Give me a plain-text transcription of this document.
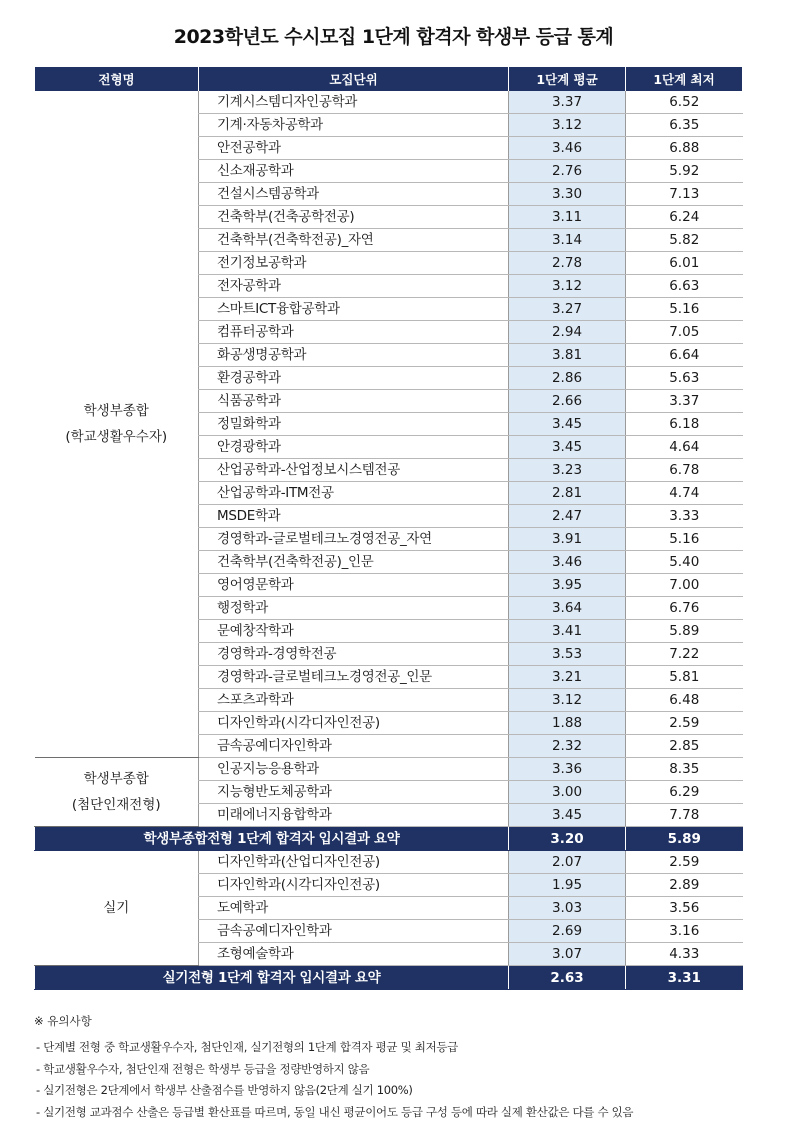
2023학년도 수시모집 1단계 합격자 학생부 등급 통계
전형명	모집단위	1단계 평균	1단계 최저

학생부종합
(학교생활우수자)	기계시스템디자인공학과	3.37	6.52
	기계·자동차공학과	3.12	6.35
	안전공학과	3.46	6.88
	신소재공학과	2.76	5.92
	건설시스템공학과	3.30	7.13
	건축학부(건축공학전공)	3.11	6.24
	건축학부(건축학전공)_자연	3.14	5.82
	전기정보공학과	2.78	6.01
	전자공학과	3.12	6.63
	스마트ICT융합공학과	3.27	5.16
	컴퓨터공학과	2.94	7.05
	화공생명공학과	3.81	6.64
	환경공학과	2.86	5.63
	식품공학과	2.66	3.37
	정밀화학과	3.45	6.18
	안경광학과	3.45	4.64
	산업공학과-산업정보시스템전공	3.23	6.78
	산업공학과-ITM전공	2.81	4.74
	MSDE학과	2.47	3.33
	경영학과-글로벌테크노경영전공_자연	3.91	5.16
	건축학부(건축학전공)_인문	3.46	5.40
	영어영문학과	3.95	7.00
	행정학과	3.64	6.76
	문예창작학과	3.41	5.89
	경영학과-경영학전공	3.53	7.22
	경영학과-글로벌테크노경영전공_인문	3.21	5.81
	스포츠과학과	3.12	6.48
	디자인학과(시각디자인전공)	1.88	2.59
	금속공예디자인학과	2.32	2.85

학생부종합
(첨단인재전형)	인공지능응용학과	3.36	8.35
	지능형반도체공학과	3.00	6.29
	미래에너지융합학과	3.45	7.78
학생부종합전형 1단계 합격자 입시결과 요약		3.20	5.89

실기	디자인학과(산업디자인전공)	2.07	2.59
	디자인학과(시각디자인전공)	1.95	2.89
	도예학과	3.03	3.56
	금속공예디자인학과	2.69	3.16
	조형예술학과	3.07	4.33
실기전형 1단계 합격자 입시결과 요약		2.63	3.31
※ 유의사항
- 단계별 전형 중 학교생활우수자, 첨단인재, 실기전형의 1단계 합격자 평균 및 최저등급
- 학교생활우수자, 첨단인재 전형은 학생부 등급을 정량반영하지 않음
- 실기전형은 2단계에서 학생부 산출점수를 반영하지 않음(2단계 실기 100%)
- 실기전형 교과점수 산출은 등급별 환산표를 따르며, 동일 내신 평균이어도 등급 구성 등에 따라 실제 환산값은 다를 수 있음
